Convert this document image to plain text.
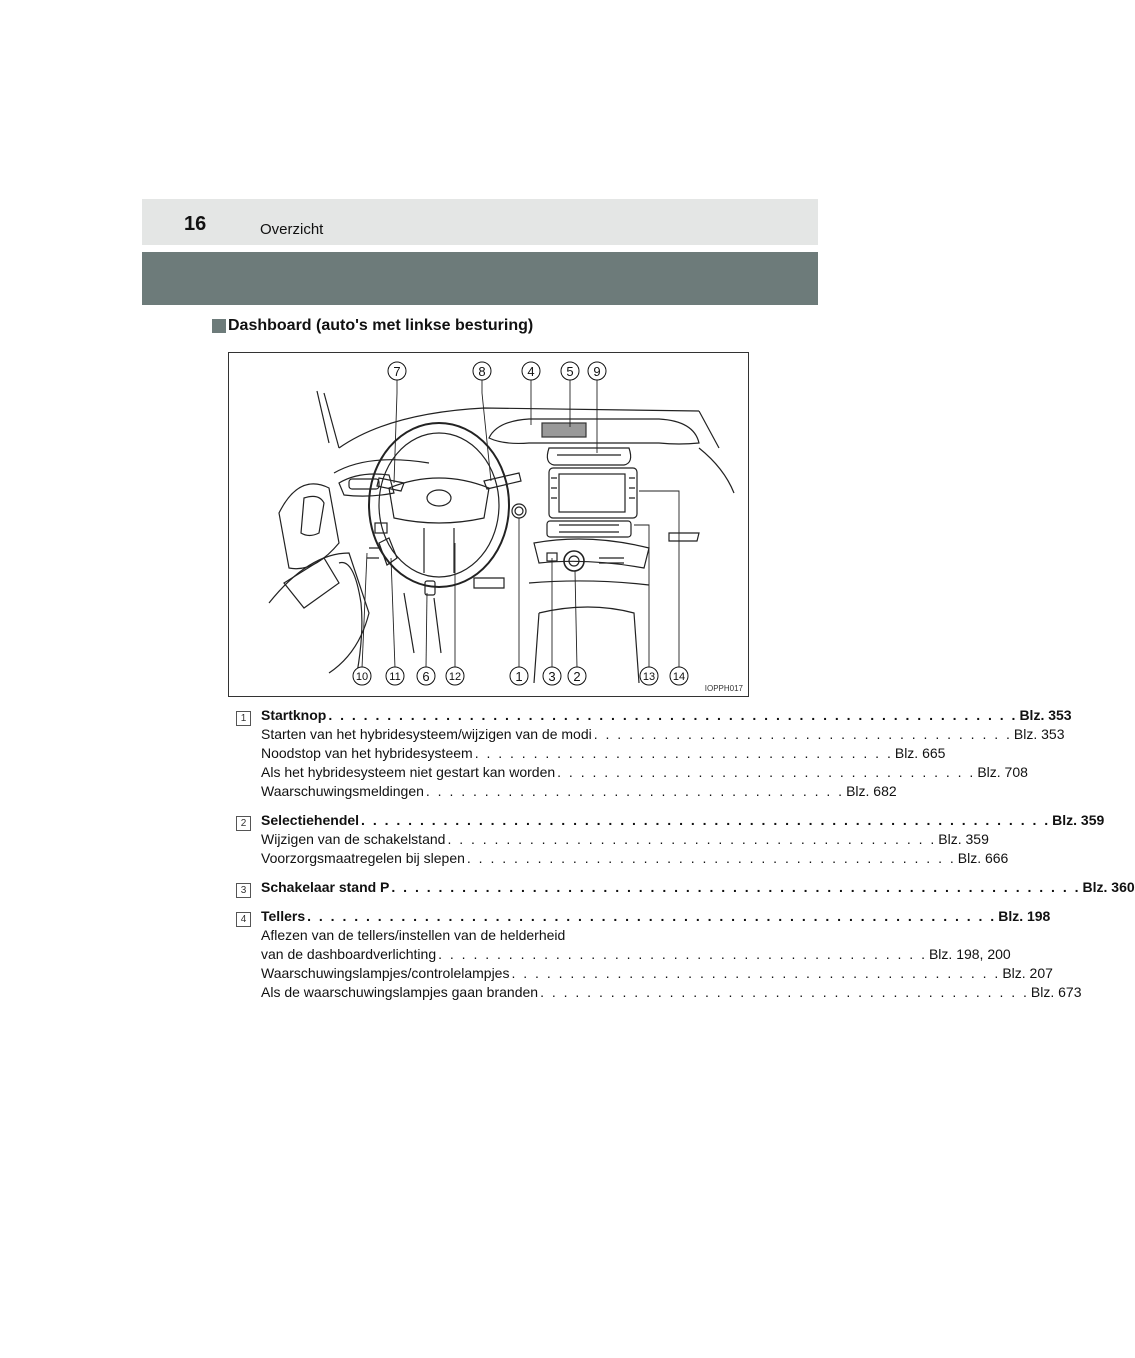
16	Overzicht
Dashboard (auto's met linkse besturing)
7	8	4 5 9
10 11 6 12	1 3 2	13 14
IOPPH017
1	Startknop . . . . . . . . . . . . . . . . . . . . . . . . . . . . . . . . . . . . . . . . . . . . . . . . . . . . . . . . . . . Blz. 353
Starten van het hybridesysteem/wijzigen van de modi . . . . . . . . . . . . . . . . . . . . . . . . . . . . . . . . . . . . Blz. 353
Noodstop van het hybridesysteem . . . . . . . . . . . . . . . . . . . . . . . . . . . . . . . . . . . . Blz. 665
Als het hybridesysteem niet gestart kan worden . . . . . . . . . . . . . . . . . . . . . . . . . . . . . . . . . . . . Blz. 708
Waarschuwingsmeldingen . . . . . . . . . . . . . . . . . . . . . . . . . . . . . . . . . . . . Blz. 682
2	Selectiehendel . . . . . . . . . . . . . . . . . . . . . . . . . . . . . . . . . . . . . . . . . . . . . . . . . . . . . . . . . . . Blz. 359
Wijzigen van de schakelstand . . . . . . . . . . . . . . . . . . . . . . . . . . . . . . . . . . . . . . . . . . Blz. 359
Voorzorgsmaatregelen bij slepen . . . . . . . . . . . . . . . . . . . . . . . . . . . . . . . . . . . . . . . . . . Blz. 666
3	Schakelaar stand P . . . . . . . . . . . . . . . . . . . . . . . . . . . . . . . . . . . . . . . . . . . . . . . . . . . . . . . . . . . Blz. 360
4	Tellers . . . . . . . . . . . . . . . . . . . . . . . . . . . . . . . . . . . . . . . . . . . . . . . . . . . . . . . . . . . Blz. 198
Aflezen van de tellers/instellen van de helderheid
van de dashboardverlichting . . . . . . . . . . . . . . . . . . . . . . . . . . . . . . . . . . . . . . . . . . Blz. 198, 200
Waarschuwingslampjes/controlelampjes . . . . . . . . . . . . . . . . . . . . . . . . . . . . . . . . . . . . . . . . . . Blz. 207
Als de waarschuwingslampjes gaan branden . . . . . . . . . . . . . . . . . . . . . . . . . . . . . . . . . . . . . . . . . . Blz. 673
